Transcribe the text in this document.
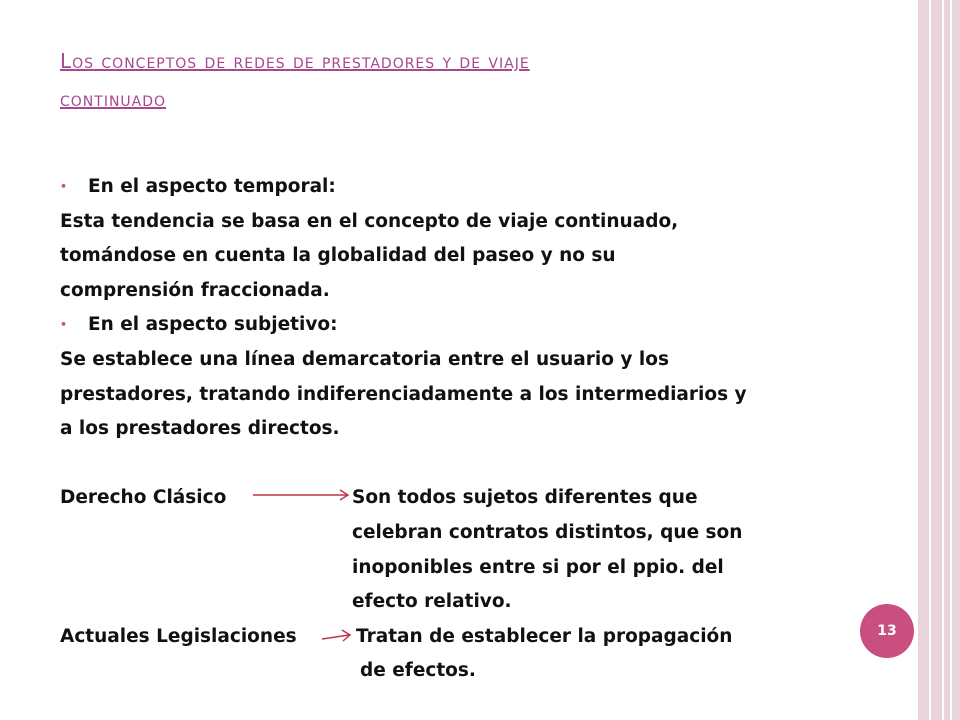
Los conceptos de redes de prestadores y de viaje
continuado
• En el aspecto temporal:
Esta tendencia se basa en el concepto de viaje continuado,
tomándose en cuenta la globalidad del paseo y no su
comprensión fraccionada.
• En el aspecto subjetivo:
Se establece una línea demarcatoria entre el usuario y los
prestadores, tratando indiferenciadamente a los intermediarios y
a los prestadores directos.
Derecho Clásico	Son todos sujetos diferentes que
celebran contratos distintos, que son
inoponibles entre si por el ppio. del
efecto relativo.
Actuales Legislaciones	Tratan de establecer la propagación
de efectos.
13
